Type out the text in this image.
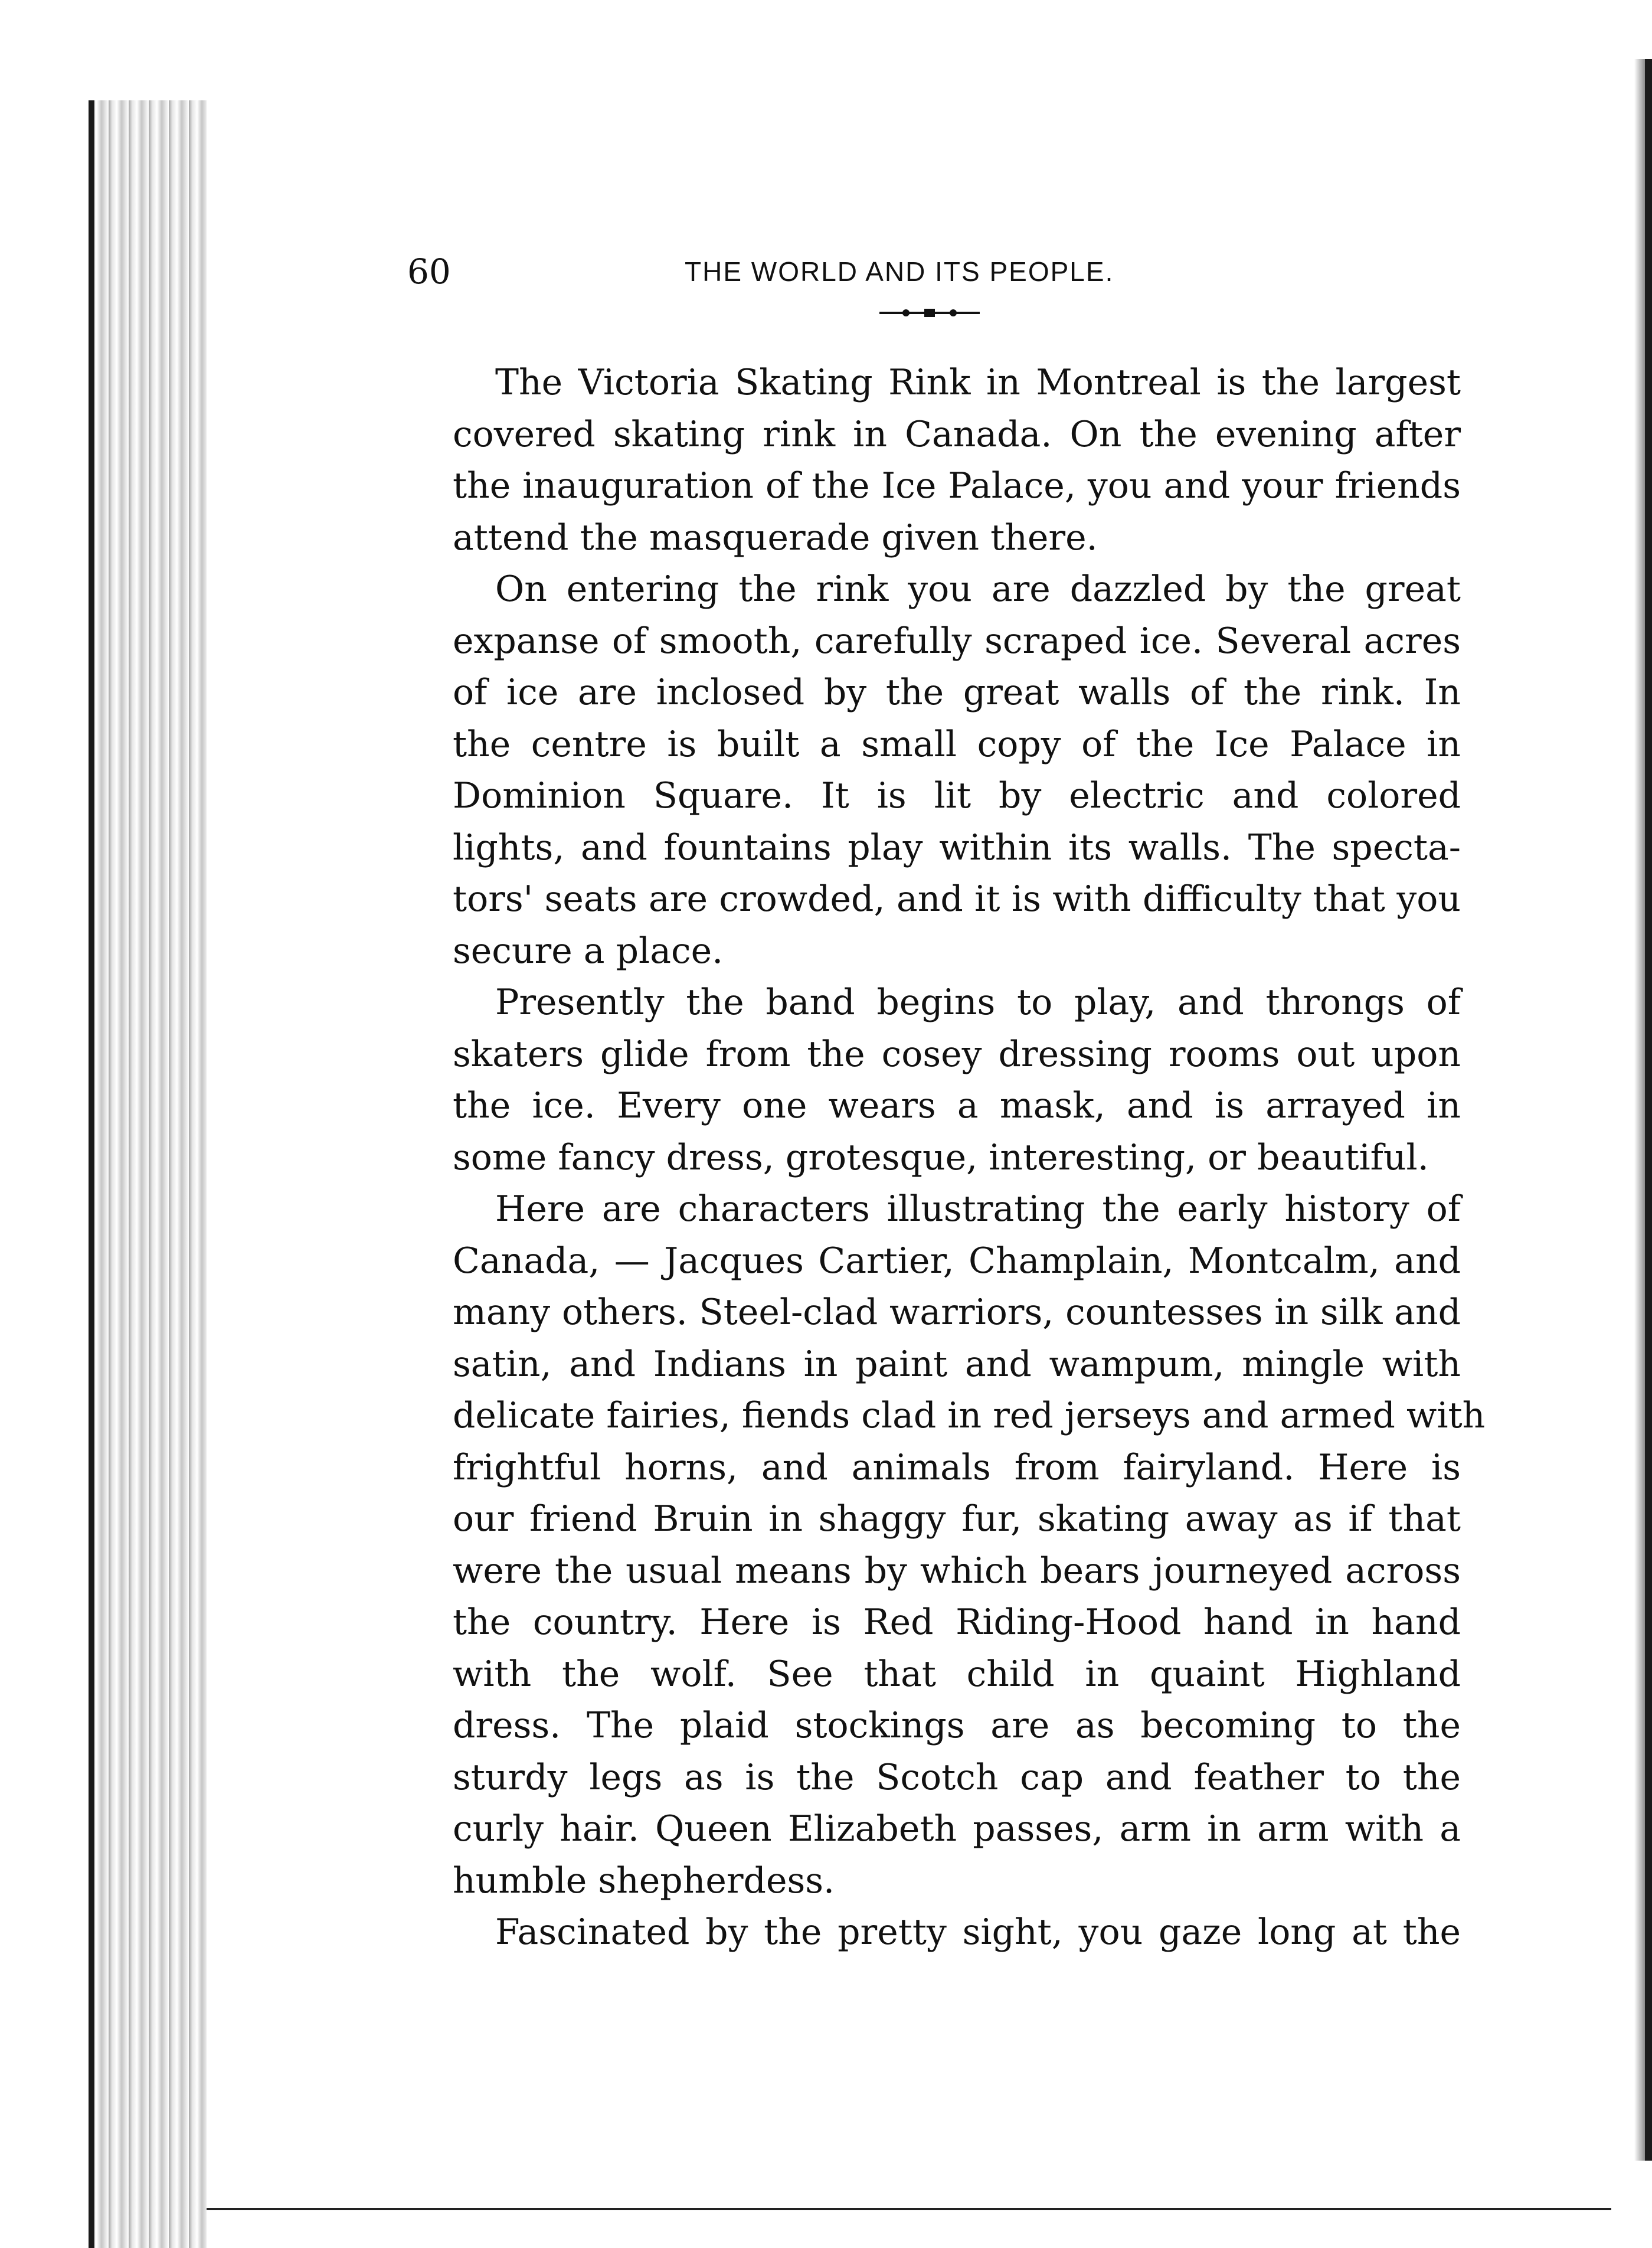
60	THE WORLD AND ITS PEOPLE.
The Victoria Skating Rink in Montreal is the largest
covered skating rink in Canada. On the evening after
the inauguration of the Ice Palace, you and your friends
attend the masquerade given there.
On entering the rink you are dazzled by the great
expanse of smooth, carefully scraped ice. Several acres
of ice are inclosed by the great walls of the rink. In
the centre is built a small copy of the Ice Palace in
Dominion Square. It is lit by electric and colored
lights, and fountains play within its walls. The specta-
tors' seats are crowded, and it is with difficulty that you
secure a place.
Presently the band begins to play, and throngs of
skaters glide from the cosey dressing rooms out upon
the ice. Every one wears a mask, and is arrayed in
some fancy dress, grotesque, interesting, or beautiful.
Here are characters illustrating the early history of
Canada, — Jacques Cartier, Champlain, Montcalm, and
many others. Steel-clad warriors, countesses in silk and
satin, and Indians in paint and wampum, mingle with
delicate fairies, fiends clad in red jerseys and armed with
frightful horns, and animals from fairyland. Here is
our friend Bruin in shaggy fur, skating away as if that
were the usual means by which bears journeyed across
the country. Here is Red Riding-Hood hand in hand
with the wolf. See that child in quaint Highland
dress. The plaid stockings are as becoming to the
sturdy legs as is the Scotch cap and feather to the
curly hair. Queen Elizabeth passes, arm in arm with a
humble shepherdess.
Fascinated by the pretty sight, you gaze long at the
